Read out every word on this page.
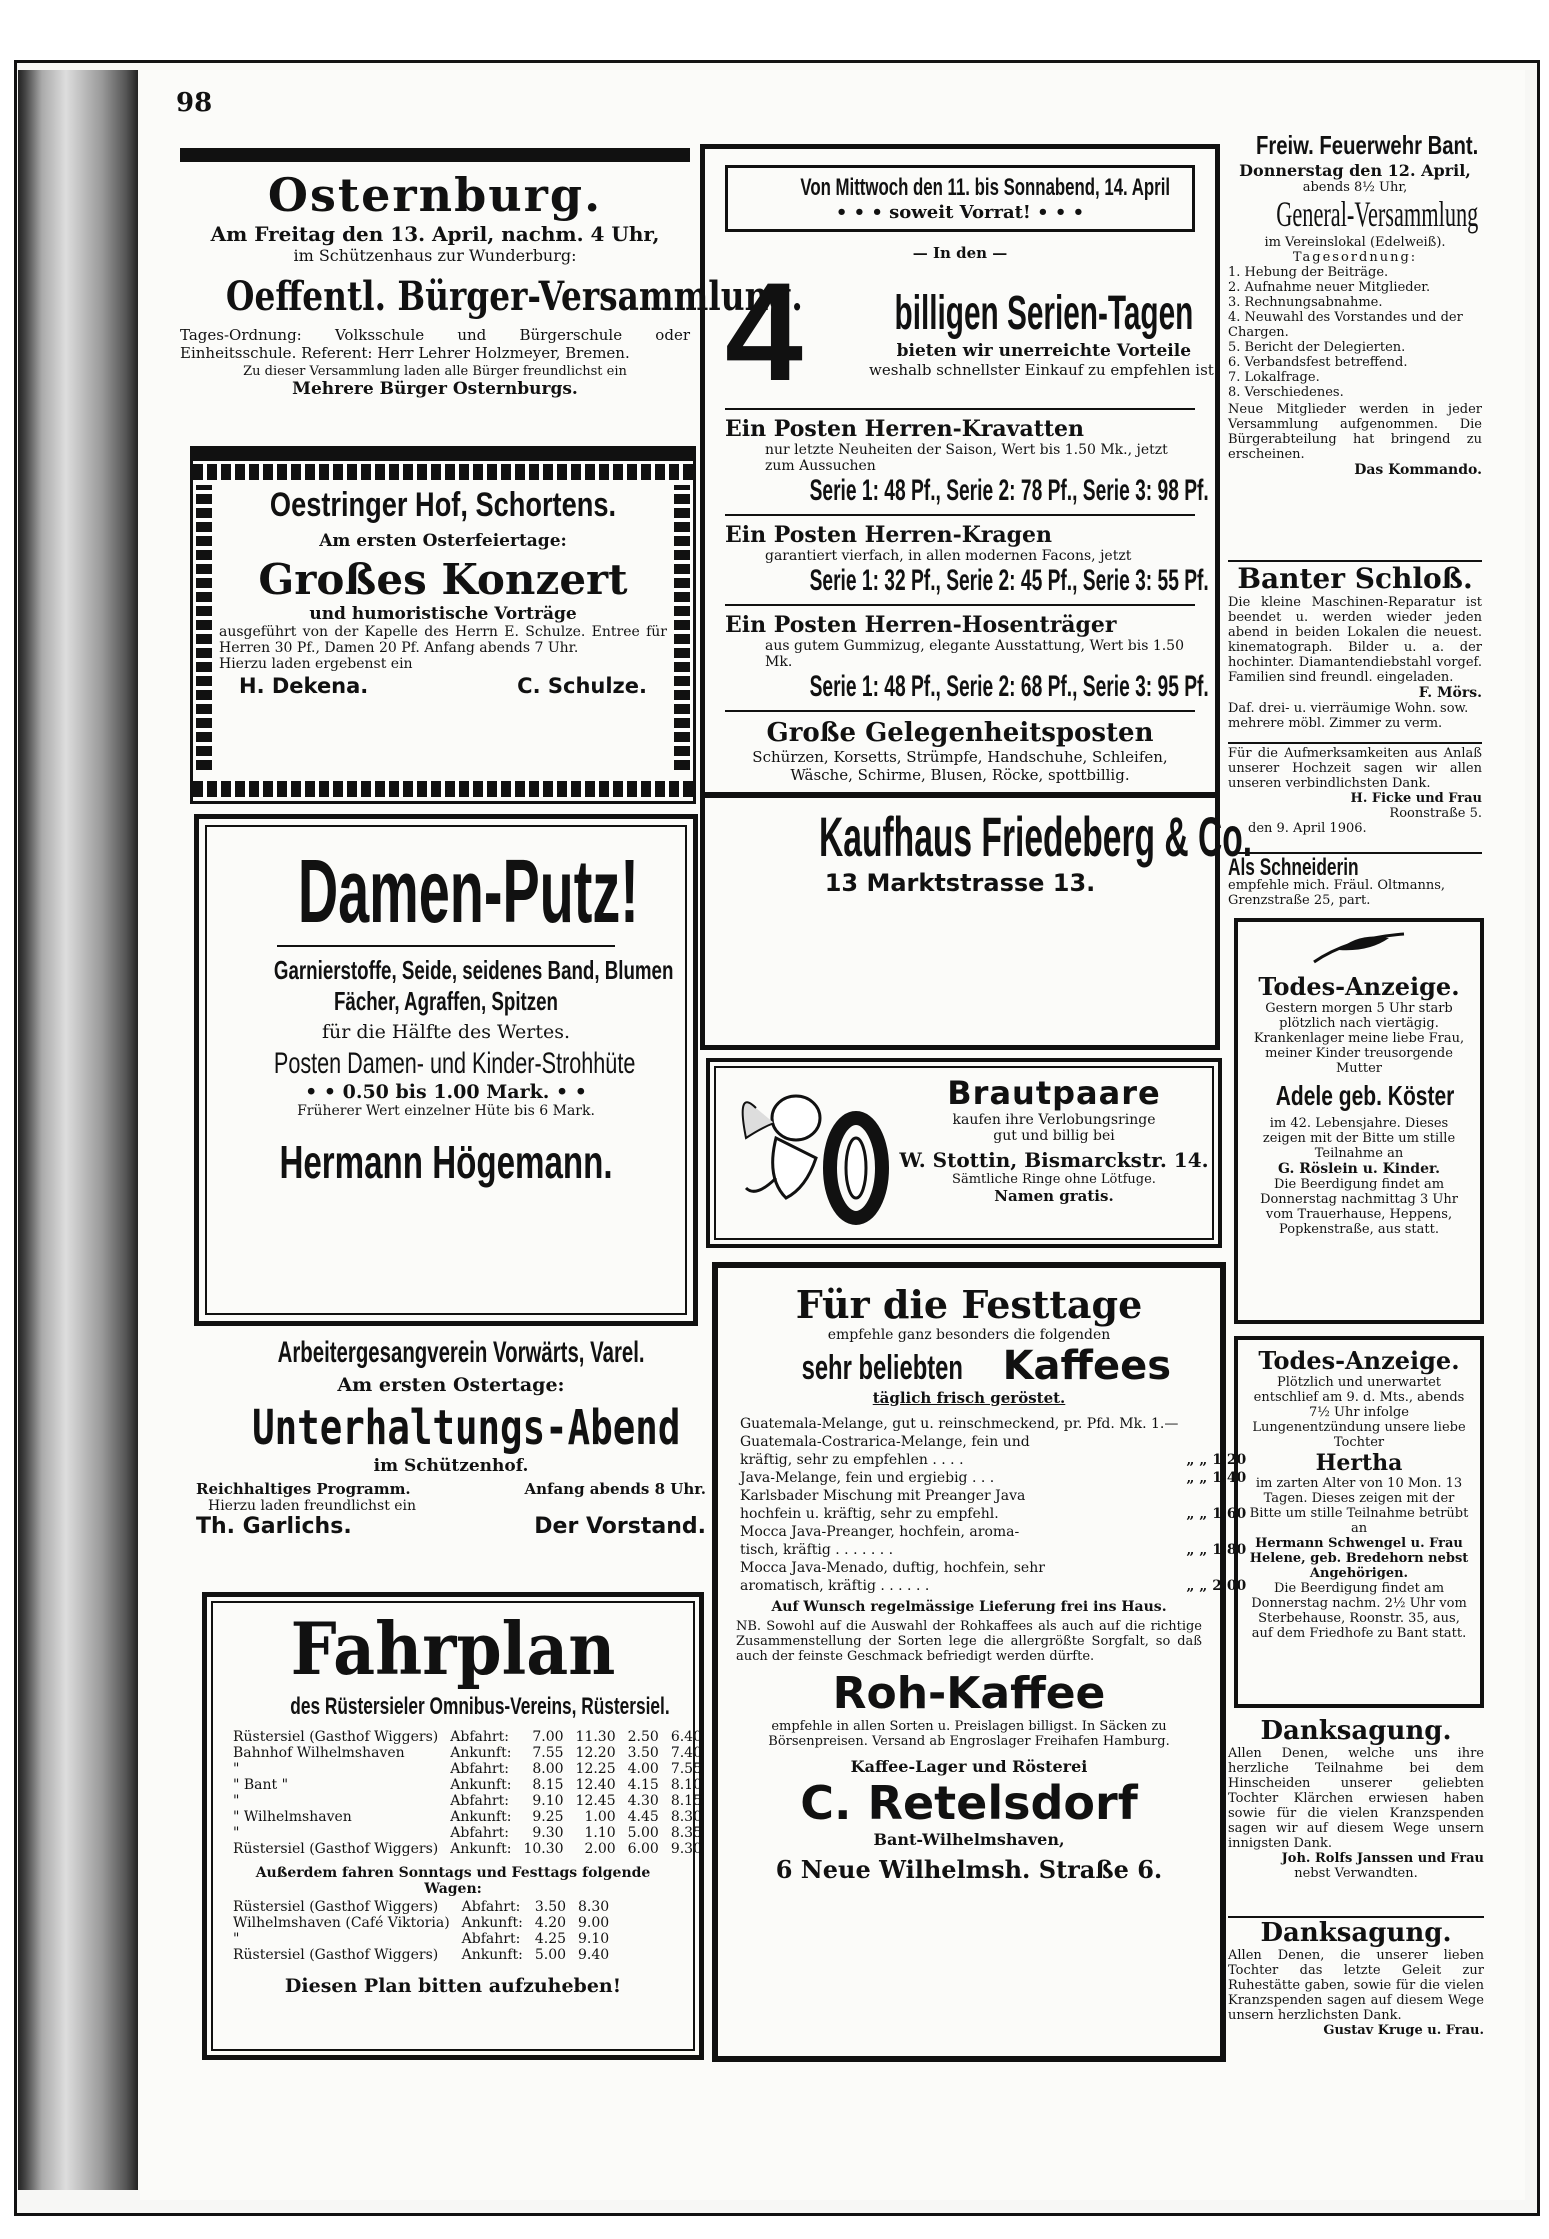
98
Osternburg.
Am Freitag den 13. April, nachm. 4 Uhr,
im Schützenhaus zur Wunderburg:
Oeffentl. Bürger-Versammlung.
Tages-Ordnung: Volksschule und Bürgerschule oder Einheitsschule. Referent: Herr Lehrer Holzmeyer, Bremen.
Zu dieser Versammlung laden alle Bürger freundlichst ein
Mehrere Bürger Osternburgs.
Oestringer Hof, Schortens.
Am ersten Osterfeiertage:
Großes Konzert
und humoristische Vorträge
ausgeführt von der Kapelle des Herrn E. Schulze. Entree für Herren 30 Pf., Damen 20 Pf. Anfang abends 7 Uhr.
Hierzu laden ergebenst ein
H. Dekena.	C. Schulze.
Damen-Putz!
Garnierstoffe, Seide, seidenes Band, Blumen
Fächer, Agraffen, Spitzen
für die Hälfte des Wertes.
Posten Damen- und Kinder-Strohhüte
• • 0.50 bis 1.00 Mark. • •
Früherer Wert einzelner Hüte bis 6 Mark.
Hermann Högemann.
Arbeitergesangverein Vorwärts, Varel.
Am ersten Ostertage:
Unterhaltungs-Abend
im Schützenhof.
Reichhaltiges Programm.	Anfang abends 8 Uhr.
Hierzu laden freundlichst ein
Th. Garlichs.	Der Vorstand.
Fahrplan
des Rüstersieler Omnibus-Vereins, Rüstersiel.
Rüstersiel (Gasthof Wiggers)	Abfahrt:	7.00	11.30	2.50	6.40
Bahnhof Wilhelmshaven	Ankunft:	7.55	12.20	3.50	7.40
"	Abfahrt:	8.00	12.25	4.00	7.55
" Bant "	Ankunft:	8.15	12.40	4.15	8.10
"	Abfahrt:	9.10	12.45	4.30	8.15
" Wilhelmshaven	Ankunft:	9.25	1.00	4.45	8.30
"	Abfahrt:	9.30	1.10	5.00	8.35
Rüstersiel (Gasthof Wiggers)	Ankunft:	10.30	2.00	6.00	9.30
Außerdem fahren Sonntags und Festtags folgende Wagen:
Rüstersiel (Gasthof Wiggers)	Abfahrt:	3.50	8.30
Wilhelmshaven (Café Viktoria)	Ankunft:	4.20	9.00
"	Abfahrt:	4.25	9.10
Rüstersiel (Gasthof Wiggers)	Ankunft:	5.00	9.40
Diesen Plan bitten aufzuheben!
Von Mittwoch den 11. bis Sonnabend, 14. April
• • • soweit Vorrat! • • •
— In den —
4 billigen Serien-Tagen
bieten wir unerreichte Vorteile
weshalb schnellster Einkauf zu empfehlen ist.
Ein Posten Herren-Kravatten
nur letzte Neuheiten der Saison, Wert bis 1.50 Mk., jetzt zum Aussuchen
Serie 1: 48 Pf., Serie 2: 78 Pf., Serie 3: 98 Pf.
Ein Posten Herren-Kragen
garantiert vierfach, in allen modernen Facons, jetzt
Serie 1: 32 Pf., Serie 2: 45 Pf., Serie 3: 55 Pf.
Ein Posten Herren-Hosenträger
aus gutem Gummizug, elegante Ausstattung, Wert bis 1.50 Mk.
Serie 1: 48 Pf., Serie 2: 68 Pf., Serie 3: 95 Pf.
Große Gelegenheitsposten
Schürzen, Korsetts, Strümpfe, Handschuhe, Schleifen,
Wäsche, Schirme, Blusen, Röcke, spottbillig.
Kaufhaus Friedeberg & Co.
13 Marktstrasse 13.
Brautpaare
kaufen ihre Verlobungsringe
gut und billig bei
W. Stottin, Bismarckstr. 14.
Sämtliche Ringe ohne Lötfuge.
Namen gratis.
Für die Festtage
empfehle ganz besonders die folgenden
sehr beliebten Kaffees
täglich frisch geröstet.
Guatemala-Melange, gut u. reinschmeckend, pr. Pfd. Mk. 1.—	
Guatemala-Costrarica-Melange, fein und	
kräftig, sehr zu empfehlen . . . .	„ „ 1.20
Java-Melange, fein und ergiebig . . .	„ „ 1.40
Karlsbader Mischung mit Preanger Java	
hochfein u. kräftig, sehr zu empfehl.	„ „ 1.60
Mocca Java-Preanger, hochfein, aroma-	
tisch, kräftig . . . . . . .	„ „ 1.80
Mocca Java-Menado, duftig, hochfein, sehr	
aromatisch, kräftig . . . . . .	„ „ 2.00
Auf Wunsch regelmässige Lieferung frei ins Haus.
NB. Sowohl auf die Auswahl der Rohkaffees als auch auf die richtige Zusammenstellung der Sorten lege die allergrößte Sorgfalt, so daß auch der feinste Geschmack befriedigt werden dürfte.
Roh-Kaffee
empfehle in allen Sorten u. Preislagen billigst. In Säcken zu Börsenpreisen. Versand ab Engroslager Freihafen Hamburg.
Kaffee-Lager und Rösterei
C. Retelsdorf
Bant-Wilhelmshaven,
6 Neue Wilhelmsh. Straße 6.
Freiw. Feuerwehr Bant.
Donnerstag den 12. April,
abends 8½ Uhr,
General-Versammlung
im Vereinslokal (Edelweiß).
Tagesordnung:
1. Hebung der Beiträge.
2. Aufnahme neuer Mitglieder.
3. Rechnungsabnahme.
4. Neuwahl des Vorstandes und der Chargen.
5. Bericht der Delegierten.
6. Verbandsfest betreffend.
7. Lokalfrage.
8. Verschiedenes.
Neue Mitglieder werden in jeder Versammlung aufgenommen. Die Bürgerabteilung hat bringend zu erscheinen.
Das Kommando.
Banter Schloß.
Die kleine Maschinen-Reparatur ist beendet u. werden wieder jeden abend in beiden Lokalen die neuest. kinematograph. Bilder u. a. der hochinter. Diamantendiebstahl vorgef. Familien sind freundl. eingeladen.
F. Mörs.
Daf. drei- u. vierräumige Wohn. sow. mehrere möbl. Zimmer zu verm.
Für die Aufmerksamkeiten aus Anlaß unserer Hochzeit sagen wir allen unseren verbindlichsten Dank.
H. Ficke und Frau
Roonstraße 5.
den 9. April 1906.
Als Schneiderin
empfehle mich. Fräul. Oltmanns, Grenzstraße 25, part.
Todes-Anzeige.
Gestern morgen 5 Uhr starb plötzlich nach viertägig. Krankenlager meine liebe Frau, meiner Kinder treusorgende Mutter
Adele geb. Köster
im 42. Lebensjahre. Dieses zeigen mit der Bitte um stille Teilnahme an
G. Röslein u. Kinder.
Die Beerdigung findet am Donnerstag nachmittag 3 Uhr vom Trauerhause, Heppens, Popkenstraße, aus statt.
Todes-Anzeige.
Plötzlich und unerwartet entschlief am 9. d. Mts., abends 7½ Uhr infolge Lungenentzündung unsere liebe Tochter
Hertha
im zarten Alter von 10 Mon. 13 Tagen. Dieses zeigen mit der Bitte um stille Teilnahme betrübt an
Hermann Schwengel u. Frau Helene, geb. Bredehorn nebst Angehörigen.
Die Beerdigung findet am Donnerstag nachm. 2½ Uhr vom Sterbehause, Roonstr. 35, aus, auf dem Friedhofe zu Bant statt.
Danksagung.
Allen Denen, welche uns ihre herzliche Teilnahme bei dem Hinscheiden unserer geliebten Tochter Klärchen erwiesen haben sowie für die vielen Kranzspenden sagen wir auf diesem Wege unsern innigsten Dank.
Joh. Rolfs Janssen und Frau
nebst Verwandten.
Danksagung.
Allen Denen, die unserer lieben Tochter das letzte Geleit zur Ruhestätte gaben, sowie für die vielen Kranzspenden sagen auf diesem Wege unsern herzlichsten Dank.
Gustav Kruge u. Frau.
